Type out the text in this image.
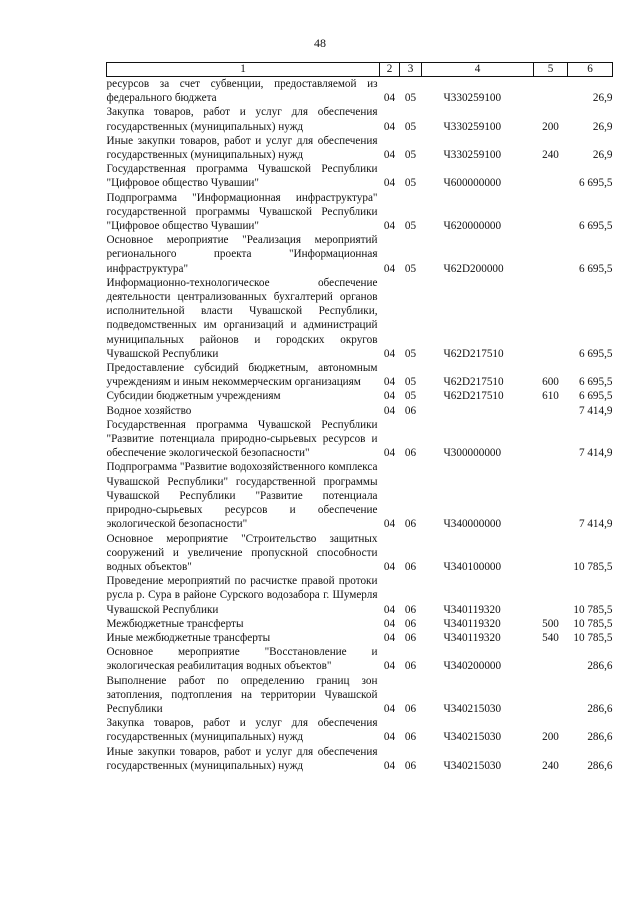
48
1	2	3	4	5	6
ресурсов за счет субвенции, предоставляемой из федерального бюджета	04	05	Ч330259100		26,9
Закупка товаров, работ и услуг для обеспечения государственных (муниципальных) нужд	04	05	Ч330259100	200	26,9
Иные закупки товаров, работ и услуг для обеспечения государственных (муниципальных) нужд	04	05	Ч330259100	240	26,9
Государственная программа Чувашской Республики "Цифровое общество Чувашии"	04	05	Ч600000000		6 695,5
Подпрограмма "Информационная инфраструктура" государственной программы Чувашской Республики "Цифровое общество Чувашии"	04	05	Ч620000000		6 695,5
Основное мероприятие "Реализация мероприятий регионального проекта "Информационная инфраструктура"	04	05	Ч62D200000		6 695,5
Информационно-технологическое обеспечение деятельности централизованных бухгалтерий органов исполнительной власти Чувашской Республики, подведомственных им организаций и администраций муниципальных районов и городских округов Чувашской Республики	04	05	Ч62D217510		6 695,5
Предоставление субсидий бюджетным, автономным учреждениям и иным некоммерческим организациям	04	05	Ч62D217510	600	6 695,5
Субсидии бюджетным учреждениям	04	05	Ч62D217510	610	6 695,5
Водное хозяйство	04	06			7 414,9
Государственная программа Чувашской Республики "Развитие потенциала природно-сырьевых ресурсов и обеспечение экологической безопасности"	04	06	Ч300000000		7 414,9
Подпрограмма "Развитие водохозяйственного комплекса Чувашской Республики" государственной программы Чувашской Республики "Развитие потенциала природно-сырьевых ресурсов и обеспечение экологической безопасности"	04	06	Ч340000000		7 414,9
Основное мероприятие "Строительство защитных сооружений и увеличение пропускной способности водных объектов"	04	06	Ч340100000		10 785,5
Проведение мероприятий по расчистке правой протоки русла р. Сура в районе Сурского водозабора г. Шумерля Чувашской Республики	04	06	Ч340119320		10 785,5
Межбюджетные трансферты	04	06	Ч340119320	500	10 785,5
Иные межбюджетные трансферты	04	06	Ч340119320	540	10 785,5
Основное мероприятие "Восстановление и экологическая реабилитация водных объектов"	04	06	Ч340200000		286,6
Выполнение работ по определению границ зон затопления, подтопления на территории Чувашской Республики	04	06	Ч340215030		286,6
Закупка товаров, работ и услуг для обеспечения государственных (муниципальных) нужд	04	06	Ч340215030	200	286,6
Иные закупки товаров, работ и услуг для обеспечения государственных (муниципальных) нужд	04	06	Ч340215030	240	286,6
